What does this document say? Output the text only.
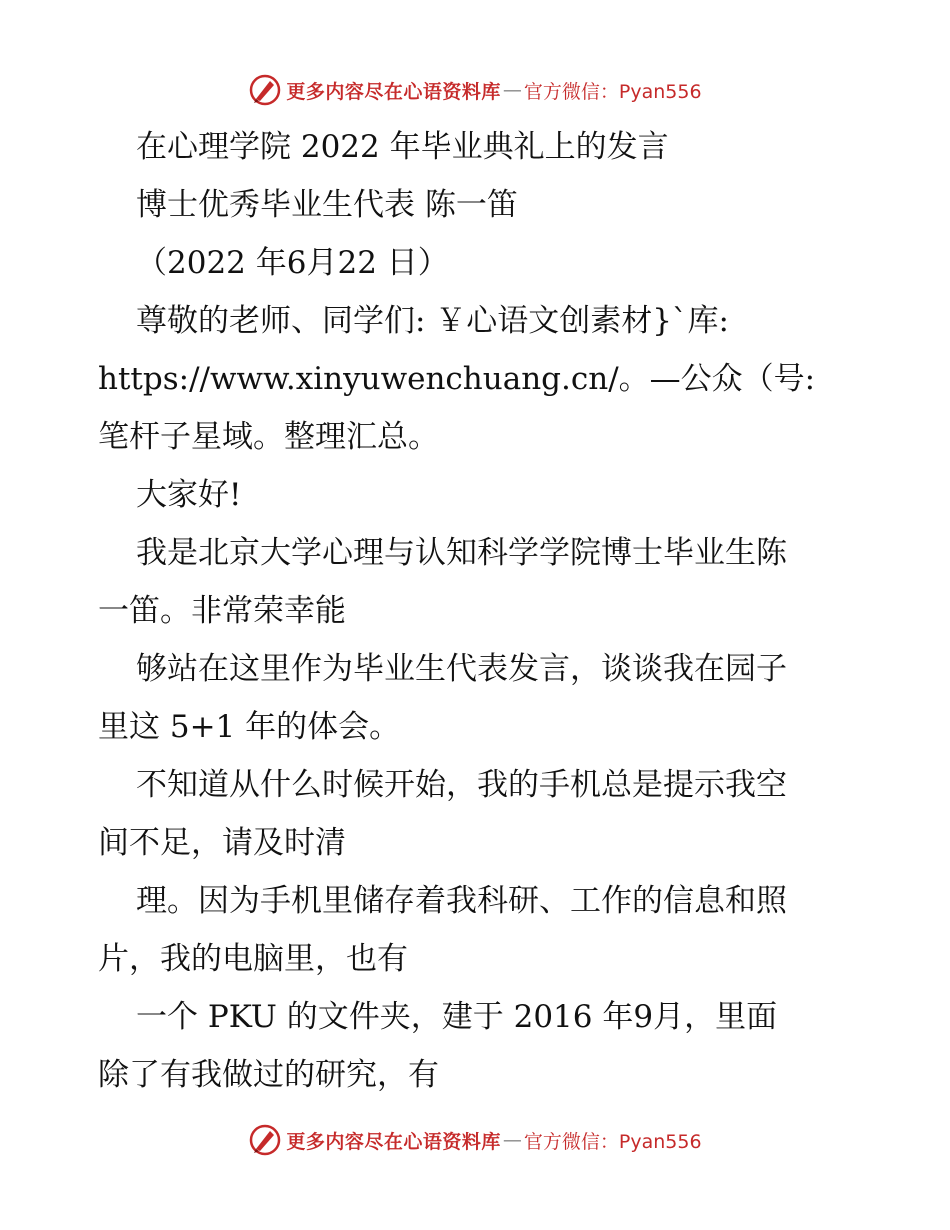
更多内容尽在心语资料库 — 官方微信：Pyan556

在心理学院 2022 年毕业典礼上的发言

博士优秀毕业生代表 陈一笛

（2022 年6月22 日）

尊敬的老师、同学们: ￥心语文创素材}`库:

https://www.xinyuwenchuang.cn/。—公众（号:

笔杆子星域。整理汇总。

大家好!

我是北京大学心理与认知科学学院博士毕业生陈

一笛。非常荣幸能

够站在这里作为毕业生代表发言，谈谈我在园子

里这 5+1 年的体会。

不知道从什么时候开始，我的手机总是提示我空

间不足，请及时清

理。因为手机里储存着我科研、工作的信息和照

片，我的电脑里，也有

一个 PKU 的文件夹，建于 2016 年9月，里面

除了有我做过的研究，有

更多内容尽在心语资料库 — 官方微信：Pyan556
